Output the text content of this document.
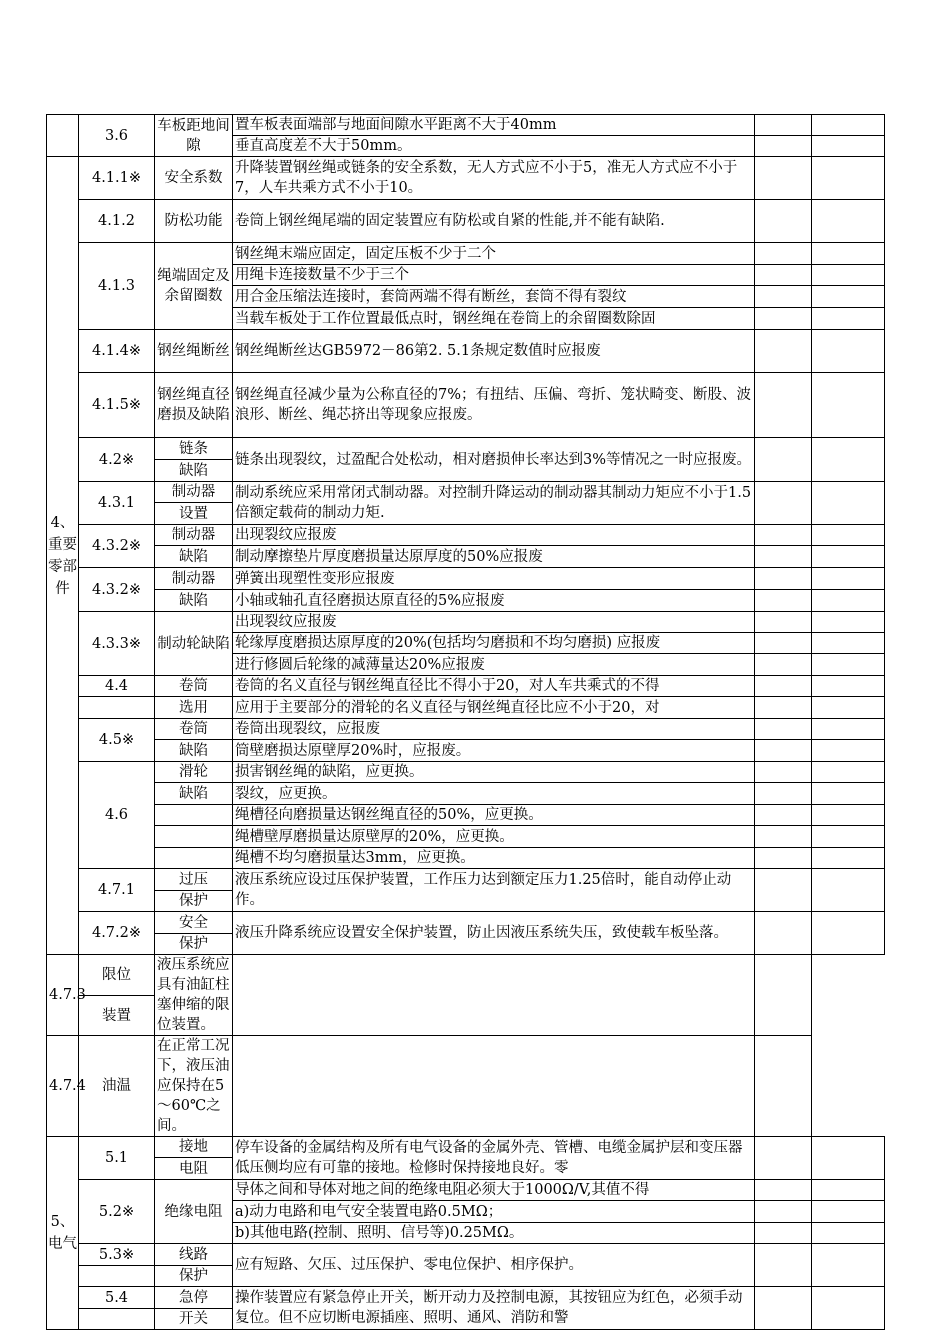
	3.6	车板距地间隙	置车板表面端部与地面间隙水平距离不大于40mm		
			垂直高度差不大于50mm。		
4、重要零部件	4.1.1※	安全系数	升降装置钢丝绳或链条的安全系数，无人方式应不小于5，准无人方式应不小于7，人车共乘方式不小于10。		
	4.1.2	防松功能	卷筒上钢丝绳尾端的固定装置应有防松或自紧的性能,并不能有缺陷.		
	4.1.3	绳端固定及余留圈数	钢丝绳末端应固定，固定压板不少于二个		
			用绳卡连接数量不少于三个		
			用合金压缩法连接时，套筒两端不得有断丝，套筒不得有裂纹		
			当载车板处于工作位置最低点时，钢丝绳在卷筒上的余留圈数除固		
	4.1.4※	钢丝绳断丝	钢丝绳断丝达GB5972－86第2. 5.1条规定数值时应报废		
	4.1.5※	钢丝绳直径磨损及缺陷	钢丝绳直径减少量为公称直径的7%；有扭结、压偏、弯折、笼状畸变、断股、波浪形、断丝、绳芯挤出等现象应报废。		
	4.2※	链条	链条出现裂纹，过盈配合处松动，相对磨损伸长率达到3%等情况之一时应报废。		
		缺陷			
	4.3.1	制动器	制动系统应采用常闭式制动器。对控制升降运动的制动器其制动力矩应不小于1.5倍额定载荷的制动力矩.		
		设置			
	4.3.2※	制动器	出现裂纹应报废		
		缺陷	制动摩擦垫片厚度磨损量达原厚度的50%应报废		
	4.3.2※	制动器	弹簧出现塑性变形应报废		
		缺陷	小轴或轴孔直径磨损达原直径的5%应报废		
	4.3.3※	制动轮缺陷	出现裂纹应报废		
			轮缘厚度磨损达原厚度的20%(包括均匀磨损和不均匀磨损) 应报废		
			进行修圆后轮缘的减薄量达20%应报废		
	4.4	卷筒	卷筒的名义直径与钢丝绳直径比不得小于20，对人车共乘式的不得		
		选用	应用于主要部分的滑轮的名义直径与钢丝绳直径比应不小于20，对		
	4.5※	卷筒	卷筒出现裂纹，应报废		
		缺陷	筒壁磨损达原壁厚20%时，应报废。		
	4.6	滑轮	损害钢丝绳的缺陷，应更换。		
		缺陷	裂纹，应更换。		
			绳槽径向磨损量达钢丝绳直径的50%，应更换。		
			绳槽壁厚磨损量达原壁厚的20%，应更换。		
			绳槽不均匀磨损量达3mm，应更换。		
	4.7.1	过压	液压系统应设过压保护装置，工作压力达到额定压力1.25倍时，能自动停止动作。		
		保护			
	4.7.2※	安全	液压升降系统应设置安全保护装置，防止因液压系统失压，致使载车板坠落。		
		保护			
4.7.3	限位	液压系统应具有油缸柱塞伸缩的限位装置。			
	装置				
4.7.4	油温	在正常工况下，液压油应保持在5～60℃之间。			
5、电气	5.1	接地	停车设备的金属结构及所有电气设备的金属外壳、管槽、电缆金属护层和变压器低压侧均应有可靠的接地。检修时保持接地良好。零		
		电阻			
	5.2※	绝缘电阻	导体之间和导体对地之间的绝缘电阻必须大于1000Ω/V,其值不得		
			a)动力电路和电气安全装置电路0.5MΩ；		
			b)其他电路(控制、照明、信号等)0.25MΩ。		
	5.3※	线路	应有短路、欠压、过压保护、零电位保护、相序保护。		
		保护			
	5.4	急停	操作装置应有紧急停止开关，断开动力及控制电源，其按钮应为红色，必须手动复位。但不应切断电源插座、照明、通风、消防和警		
		开关			
